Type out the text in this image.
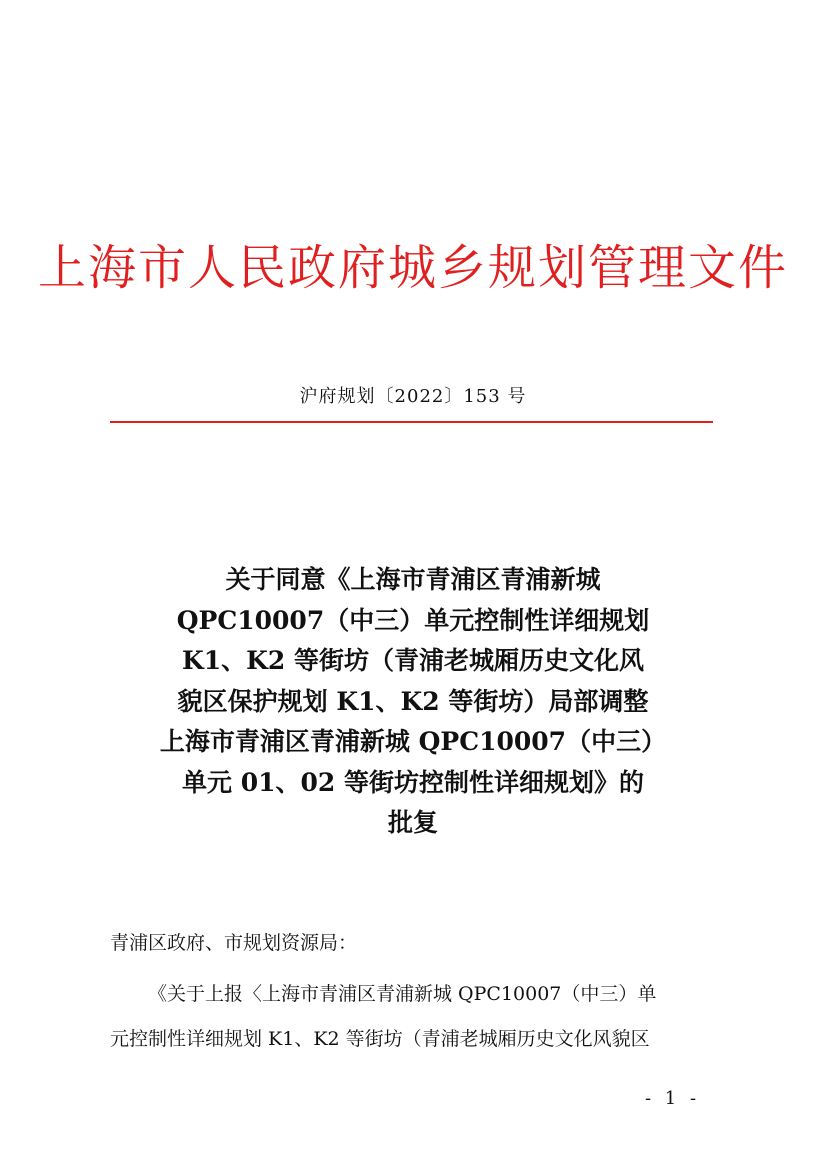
上海市人民政府城乡规划管理文件
沪府规划〔2022〕153 号
关于同意《上海市青浦区青浦新城
QPC10007（中三）单元控制性详细规划
K1、K2 等街坊（青浦老城厢历史文化风
貌区保护规划 K1、K2 等街坊）局部调整
上海市青浦区青浦新城 QPC10007（中三）
单元 01、02 等街坊控制性详细规划》的
批复
青浦区政府、市规划资源局：
《关于上报〈上海市青浦区青浦新城 QPC10007（中三）单
元控制性详细规划 K1、K2 等街坊（青浦老城厢历史文化风貌区
- 1 -
